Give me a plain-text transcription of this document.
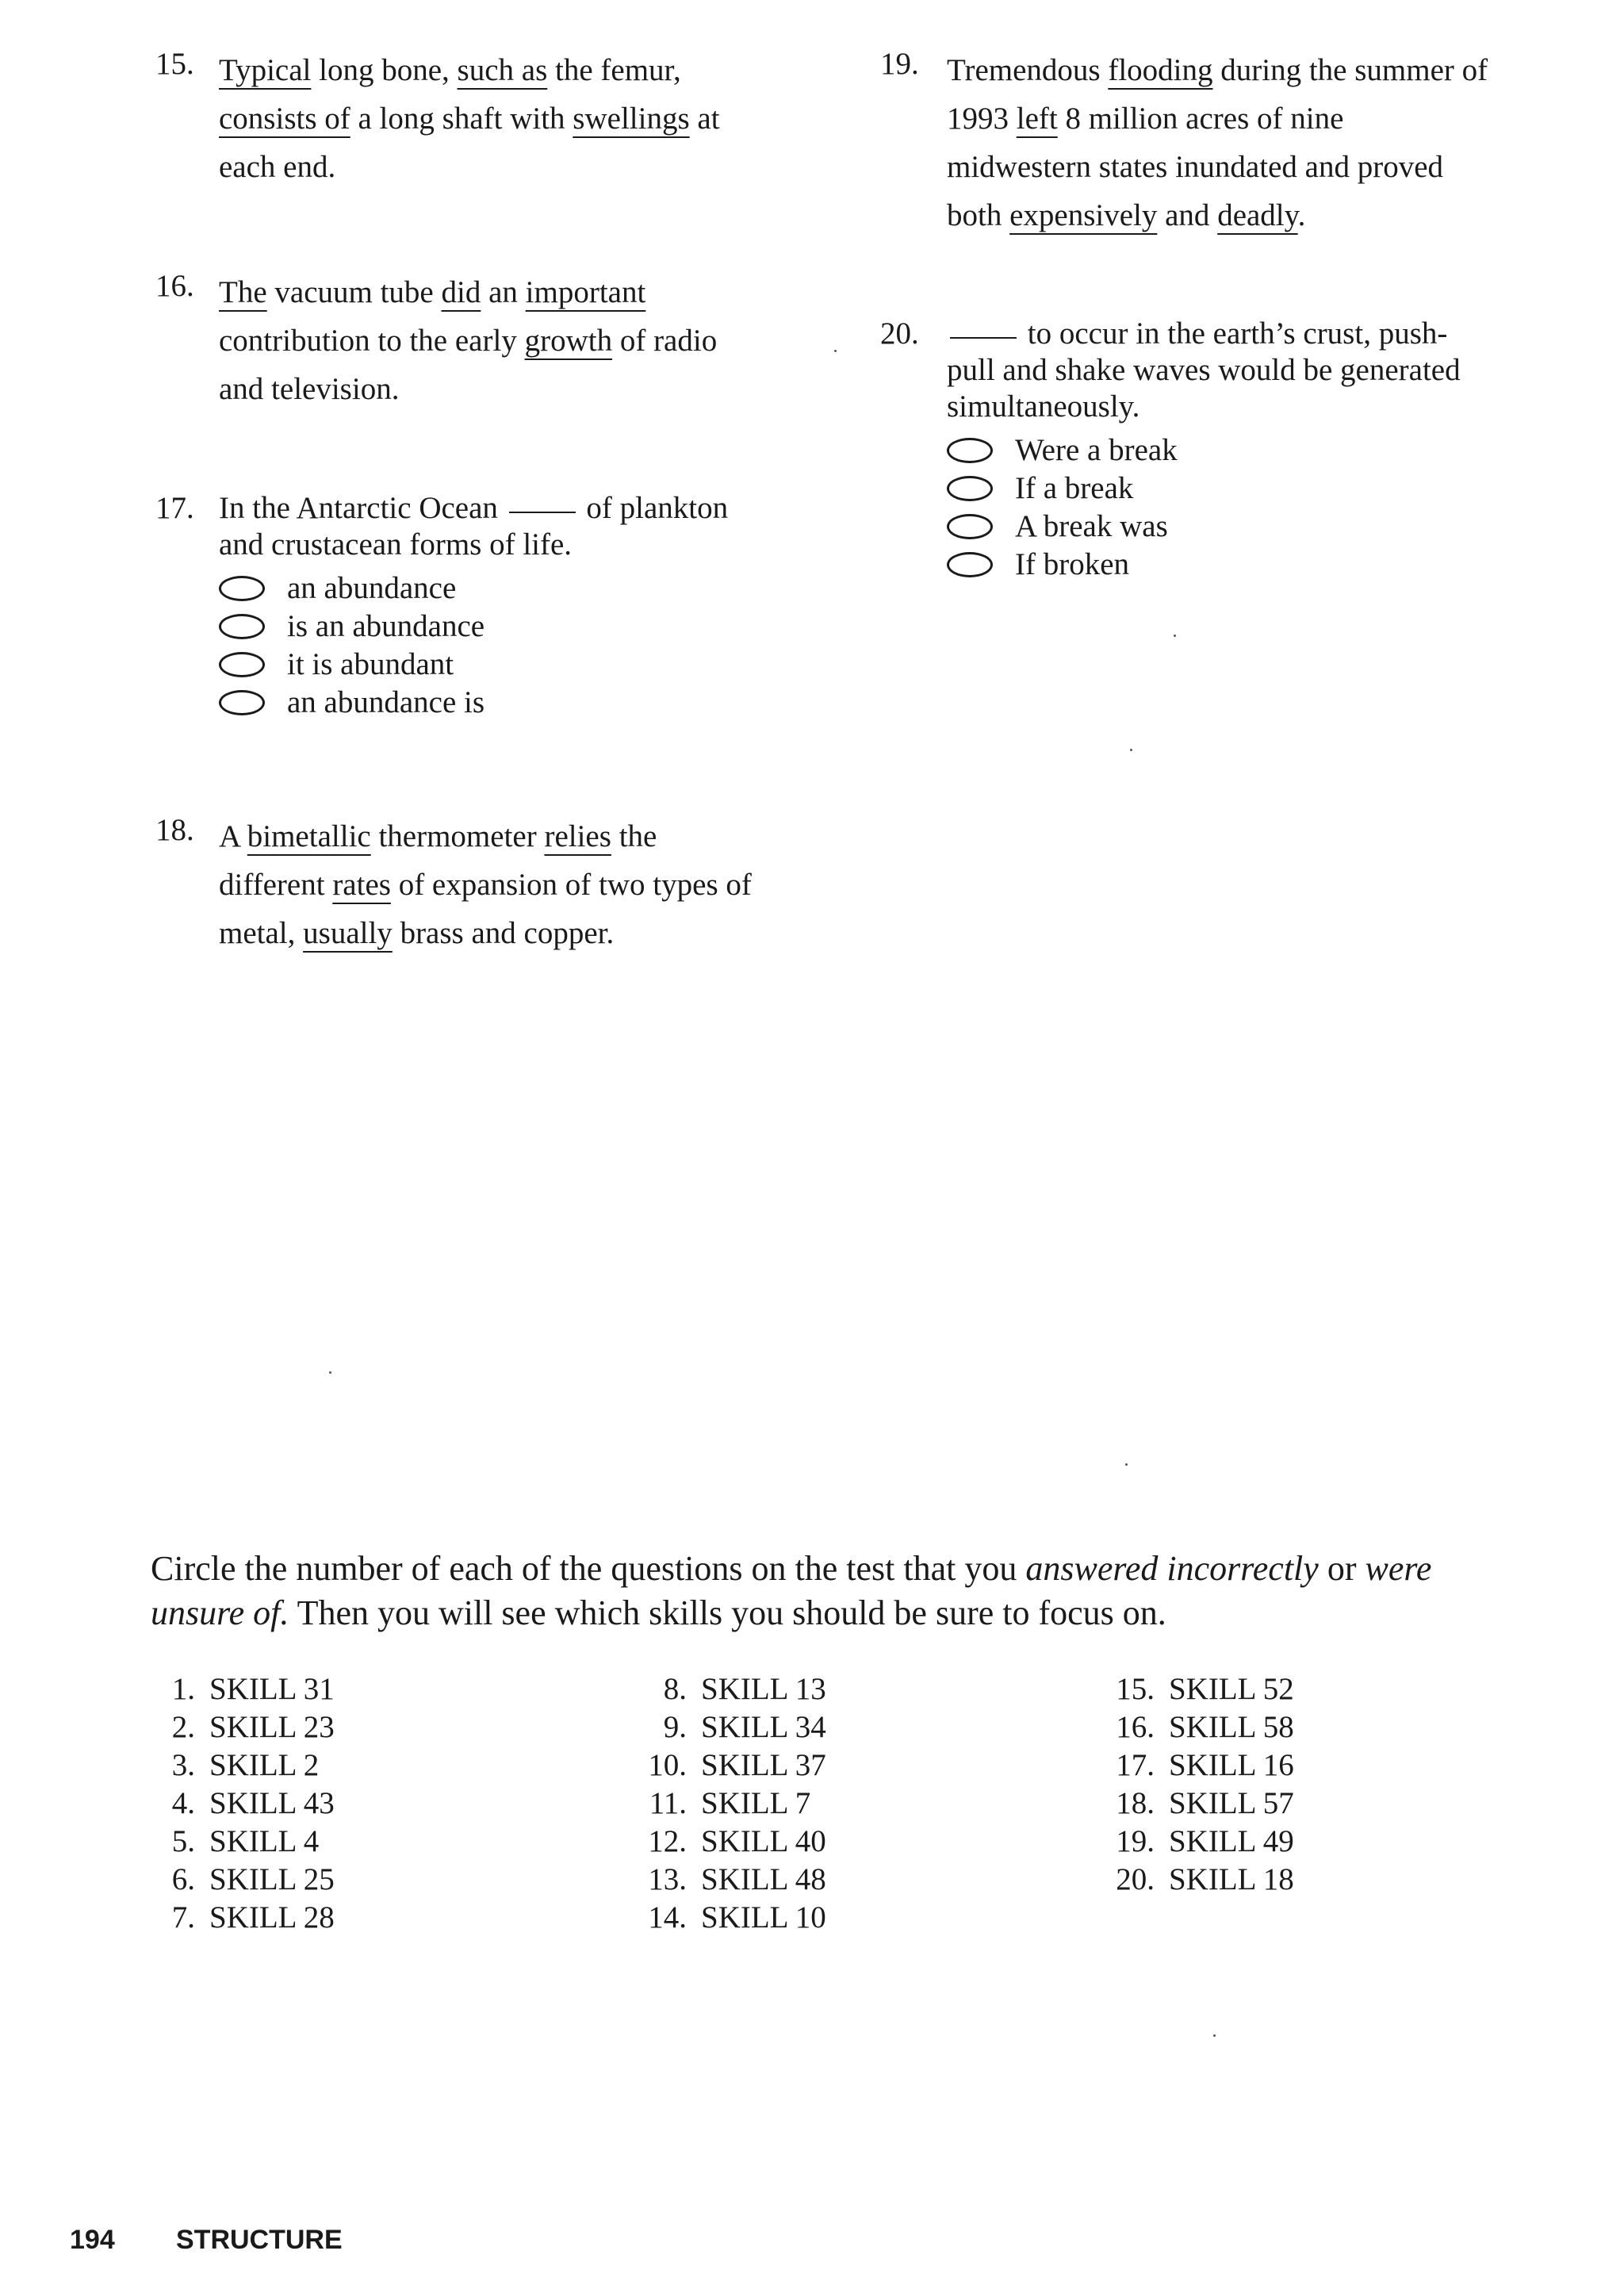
15. Typical long bone, such as the femur,
consists of a long shaft with swellings at
each end.
16. The vacuum tube did an important
contribution to the early growth of radio
and television.
17. In the Antarctic Ocean  of plankton
and crustacean forms of life.
an abundance
is an abundance
it is abundant
an abundance is
18. A bimetallic thermometer relies the
different rates of expansion of two types of
metal, usually brass and copper.
19. Tremendous flooding during the summer of
1993 left 8 million acres of nine
midwestern states inundated and proved
both expensively and deadly.
20.	to occur in the earth’s crust, push-
pull and shake waves would be generated
simultaneously.
Were a break
If a break
A break was
If broken
Circle the number of each of the questions on the test that you answered incorrectly or were unsure of. Then you will see which skills you should be sure to focus on.
1. SKILL 31
2. SKILL 23
3. SKILL 2
4. SKILL 43
5. SKILL 4
6. SKILL 25
7. SKILL 28
8. SKILL 13
9. SKILL 34
10. SKILL 37
11. SKILL 7
12. SKILL 40
13. SKILL 48
14. SKILL 10
15. SKILL 52
16. SKILL 58
17. SKILL 16
18. SKILL 57
19. SKILL 49
20. SKILL 18
194 STRUCTURE
